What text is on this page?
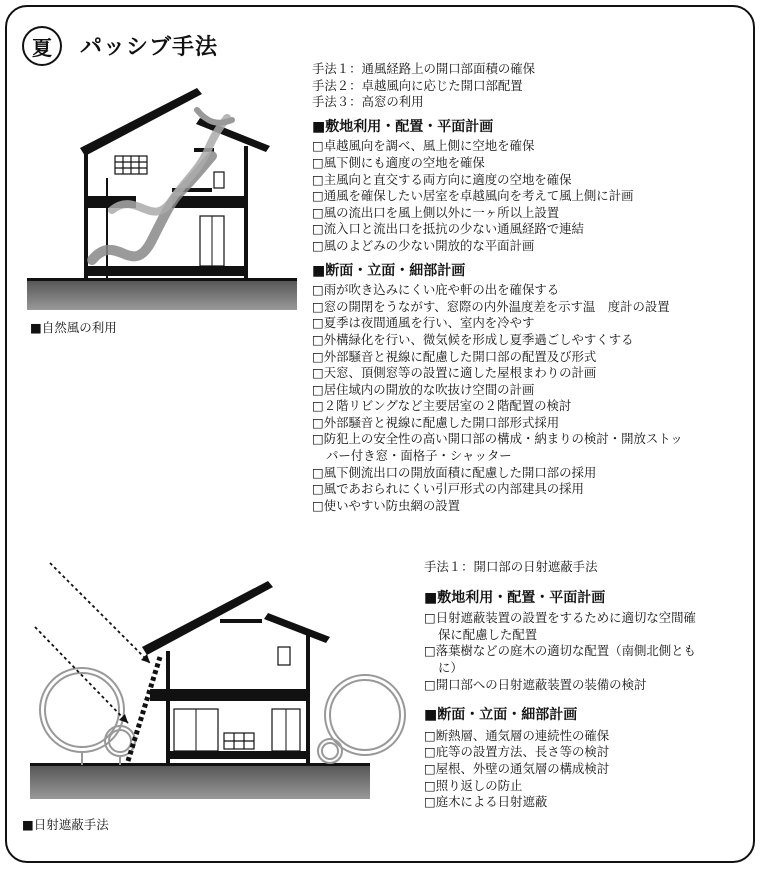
夏	パッシブ手法
手法１：通風経路上の開口部面積の確保
手法２：卓越風向に応じた開口部配置
手法３：高窓の利用
■敷地利用・配置・平面計画
□卓越風向を調べ、風上側に空地を確保
□風下側にも適度の空地を確保
□主風向と直交する両方向に適度の空地を確保
□通風を確保したい居室を卓越風向を考えて風上側に計画
□風の流出口を風上側以外に一ヶ所以上設置
□流入口と流出口を抵抗の少ない通風経路で連結
□風のよどみの少ない開放的な平面計画
■断面・立面・細部計画
□雨が吹き込みにくい庇や軒の出を確保する
□窓の開閉をうながす、窓際の内外温度差を示す温　度計の設置
□夏季は夜間通風を行い、室内を冷やす
□外構緑化を行い、微気候を形成し夏季過ごしやすくする
□外部騒音と視線に配慮した開口部の配置及び形式
□天窓、頂側窓等の設置に適した屋根まわりの計画
□居住域内の開放的な吹抜け空間の計画
□２階リビングなど主要居室の２階配置の検討
□外部騒音と視線に配慮した開口部形式採用
□防犯上の安全性の高い開口部の構成・納まりの検討・開放ストッ
パー付き窓・面格子・シャッター
□風下側流出口の開放面積に配慮した開口部の採用
□風であおられにくい引戸形式の内部建具の採用
□使いやすい防虫網の設置
■自然風の利用
手法１：開口部の日射遮蔽手法
■敷地利用・配置・平面計画
□日射遮蔽装置の設置をするために適切な空間確
保に配慮した配置
□落葉樹などの庭木の適切な配置（南側北側とも
に）
□開口部への日射遮蔽装置の装備の検討
■断面・立面・細部計画
□断熱層、通気層の連続性の確保
□庇等の設置方法、長さ等の検討
□屋根、外壁の通気層の構成検討
□照り返しの防止
□庭木による日射遮蔽
■日射遮蔽手法
